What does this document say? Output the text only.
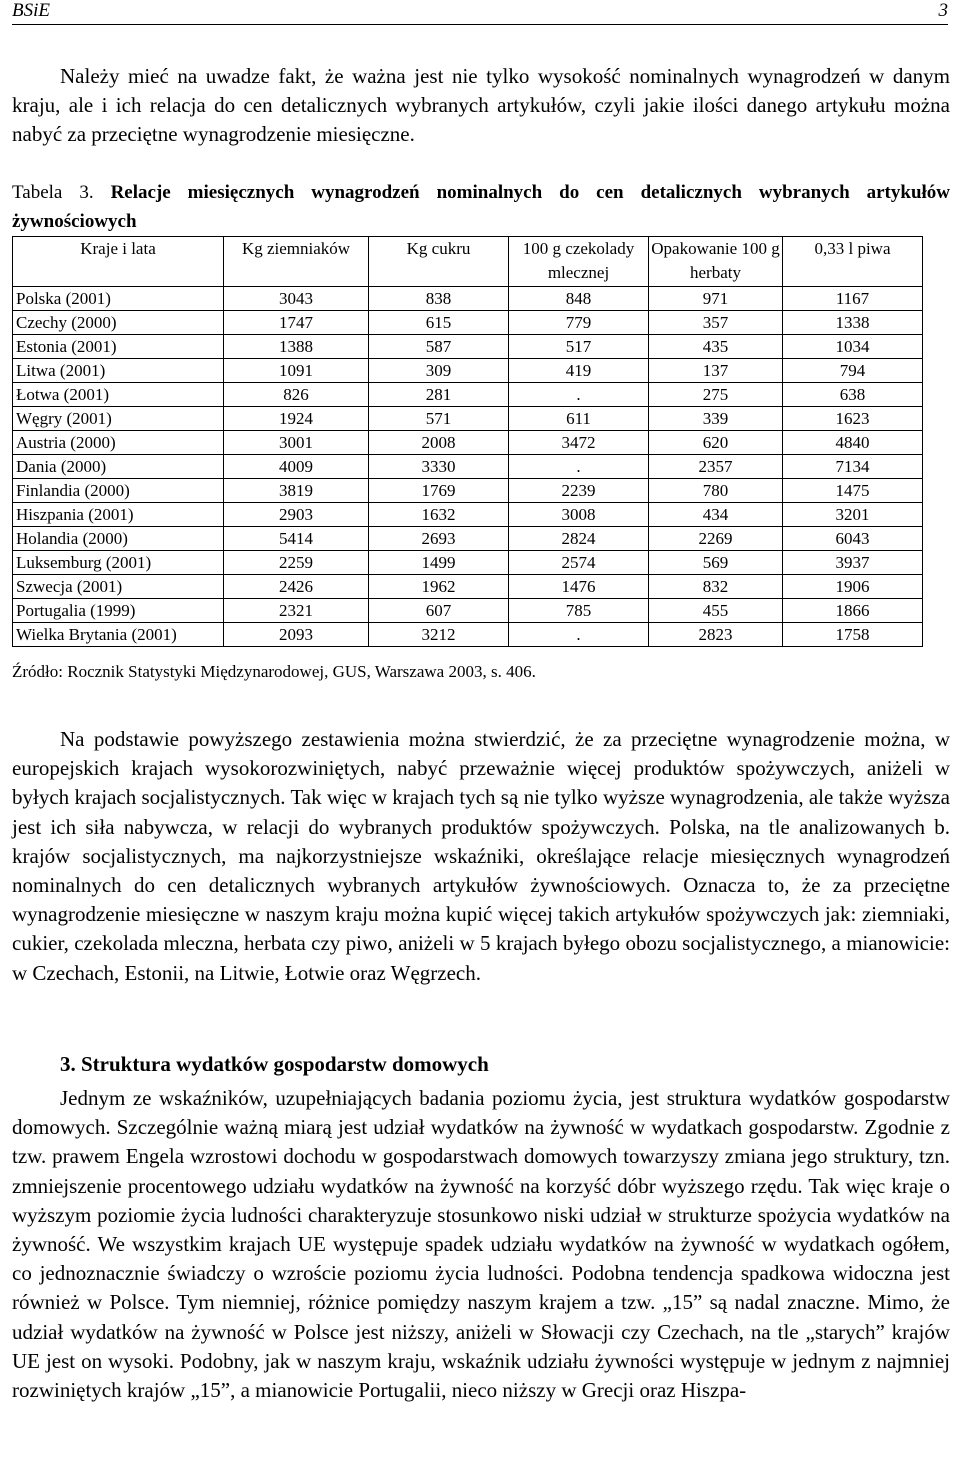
BSiE	3

Należy mieć na uwadze fakt, że ważna jest nie tylko wysokość nominalnych wynagrodzeń w danym kraju, ale i ich relacja do cen detalicznych wybranych artykułów, czyli jakie ilości danego artykułu można nabyć za przeciętne wynagrodzenie miesięczne.

Tabela 3. Relacje miesięcznych wynagrodzeń nominalnych do cen detalicznych wybranych artykułów żywnościowych
Kraje i lata	Kg ziemniaków	Kg cukru	100 g czekolady mlecznej	Opakowanie 100 g herbaty	0,33 l piwa
Polska (2001)	3043	838	848	971	1167
Czechy (2000)	1747	615	779	357	1338
Estonia (2001)	1388	587	517	435	1034
Litwa (2001)	1091	309	419	137	794
Łotwa (2001)	826	281	.	275	638
Węgry (2001)	1924	571	611	339	1623
Austria (2000)	3001	2008	3472	620	4840
Dania (2000)	4009	3330	.	2357	7134
Finlandia (2000)	3819	1769	2239	780	1475
Hiszpania (2001)	2903	1632	3008	434	3201
Holandia (2000)	5414	2693	2824	2269	6043
Luksemburg (2001)	2259	1499	2574	569	3937
Szwecja (2001)	2426	1962	1476	832	1906
Portugalia (1999)	2321	607	785	455	1866
Wielka Brytania (2001)	2093	3212	.	2823	1758
Źródło: Rocznik Statystyki Międzynarodowej, GUS, Warszawa 2003, s. 406.

Na podstawie powyższego zestawienia można stwierdzić, że za przeciętne wynagrodzenie można, w europejskich krajach wysokorozwiniętych, nabyć przeważnie więcej produktów spożywczych, aniżeli w byłych krajach socjalistycznych. Tak więc w krajach tych są nie tylko wyższe wynagrodzenia, ale także wyższa jest ich siła nabywcza, w relacji do wybranych produktów spożywczych. Polska, na tle analizowanych b. krajów socjalistycznych, ma najkorzystniejsze wskaźniki, określające relacje miesięcznych wynagrodzeń nominalnych do cen detalicznych wybranych artykułów żywnościowych. Oznacza to, że za przeciętne wynagrodzenie miesięczne w naszym kraju można kupić więcej takich artykułów spożywczych jak: ziemniaki, cukier, czekolada mleczna, herbata czy piwo, aniżeli w 5 krajach byłego obozu socjalistycznego, a mianowicie: w Czechach, Estonii, na Litwie, Łotwie oraz Węgrzech.

3. Struktura wydatków gospodarstw domowych

Jednym ze wskaźników, uzupełniających badania poziomu życia, jest struktura wydatków gospodarstw domowych. Szczególnie ważną miarą jest udział wydatków na żywność w wydatkach gospodarstw. Zgodnie z tzw. prawem Engela wzrostowi dochodu w gospodarstwach domowych towarzyszy zmiana jego struktury, tzn. zmniejszenie procentowego udziału wydatków na żywność na korzyść dóbr wyższego rzędu. Tak więc kraje o wyższym poziomie życia ludności charakteryzuje stosunkowo niski udział w strukturze spożycia wydatków na żywność. We wszystkim krajach UE występuje spadek udziału wydatków na żywność w wydatkach ogółem, co jednoznacznie świadczy o wzroście poziomu życia ludności. Podobna tendencja spadkowa widoczna jest również w Polsce. Tym niemniej, różnice pomiędzy naszym krajem a tzw. „15” są nadal znaczne. Mimo, że udział wydatków na żywność w Polsce jest niższy, aniżeli w Słowacji czy Czechach, na tle „starych” krajów UE jest on wysoki. Podobny, jak w naszym kraju, wskaźnik udziału żywności występuje w jednym z najmniej rozwiniętych krajów „15”, a mianowicie Portugalii, nieco niższy w Grecji oraz Hiszpa-
